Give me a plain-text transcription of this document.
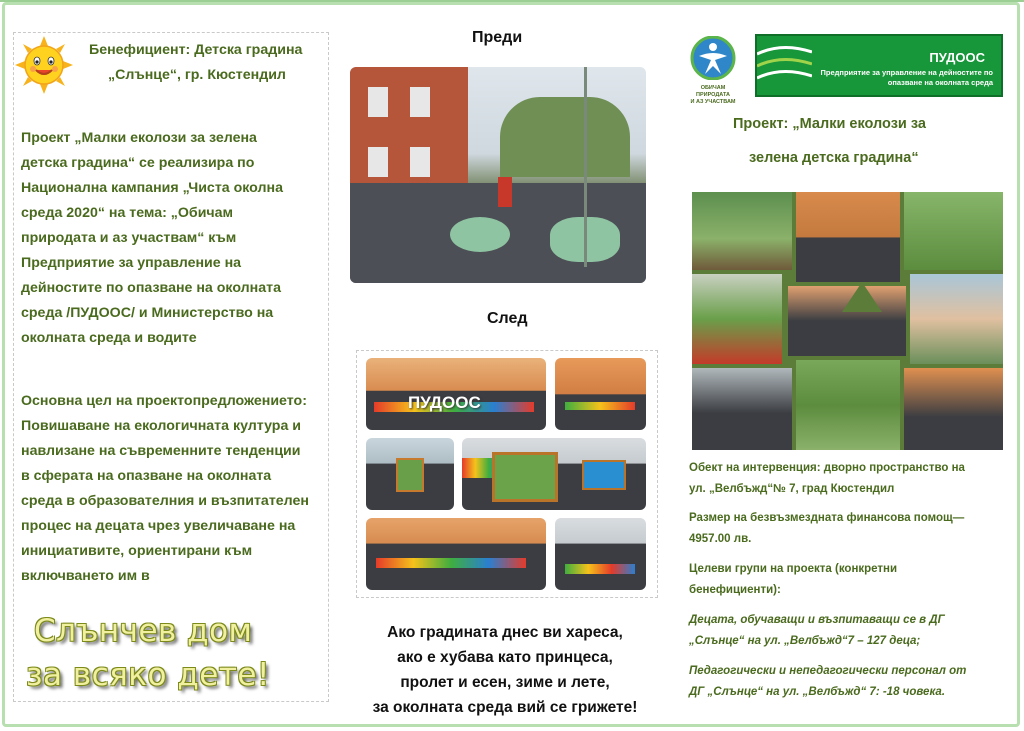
Бенефициент: Детска градина
„Слънце“, гр. Кюстендил
Проект „Малки еколози за зелена
детска градина“ се реализира по
Национална кампания „Чиста околна
среда 2020“ на тема: „Обичам
природата и аз участвам“ към
Предприятие за управление на
дейностите по опазване на околната
среда /ПУДООС/ и Министерство на
околната среда и водите
Основна цел на проектопредложението:
Повишаване на екологичната култура и
навлизане на съвременните тенденции
в сферата на опазване на околната
среда в образователния и възпитателен
процес на децата чрез увеличаване на
инициативите, ориентирани към
включването им в
Слънчев дом
за всяко дете!
Преди
След
ПУДООС
Ако градината днес ви хареса,
ако е хубава като принцеса,
пролет и есен, зиме и лете,
за околната среда вий се грижете!
ОБИЧАМ ПРИРОДАТА
И АЗ УЧАСТВАМ
ПУДООС
Предприятие за управление на дейностите по
опазване на околната среда
Проект: „Малки еколози за
зелена детска градина“
Обект на интервенция: дворно пространство на
ул. „Велбъжд“№ 7, град Кюстендил
Размер на безвъзмездната финансова помощ—
4957.00 лв.
Целеви групи на проекта (конкретни
бенефициенти):
Децата, обучаващи и възпитаващи се в ДГ
„Слънце“ на ул. „Велбъжд“7 – 127 деца;
Педагогически и непедагогически персонал от
ДГ „Слънце“ на ул. „Велбъжд“ 7: -18 човека.
